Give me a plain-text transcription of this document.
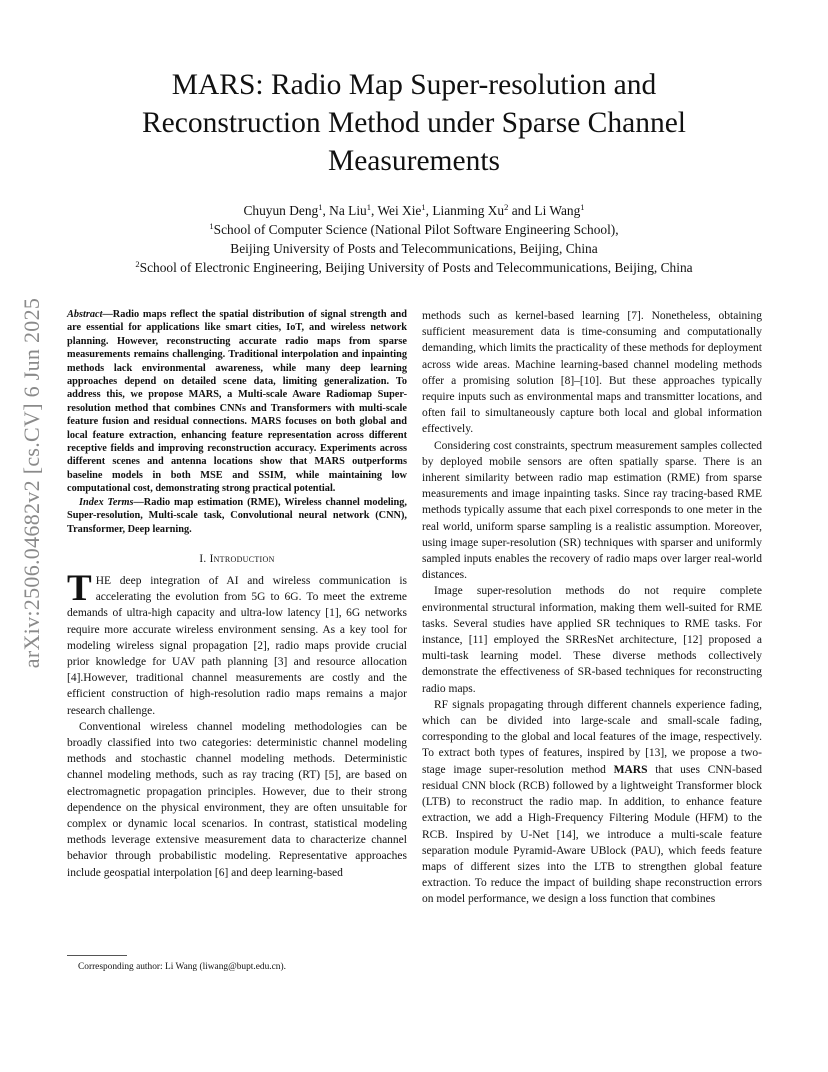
MARS: Radio Map Super-resolution and
Reconstruction Method under Sparse Channel
Measurements
Chuyun Deng$^1$, Na Liu$^1$, Wei Xie$^1$, Lianming Xu$^2$ and Li Wang$^1$
$^1$School of Computer Science (National Pilot Software Engineering School),
Beijing University of Posts and Telecommunications, Beijing, China
$^2$School of Electronic Engineering, Beijing University of Posts and Telecommunications, Beijing, China
arXiv:2506.04682v2 [cs.CV] 6 Jun 2025 Abstract—Radio maps reflect the spatial distribution of signal strength and are essential for applications like smart cities, IoT, and wireless network planning. However, reconstructing accurate radio maps from sparse measurements remains challenging. Traditional interpolation and inpainting methods lack environmental awareness, while many deep learning approaches depend on detailed scene data, limiting generalization. To address this, we propose MARS, a Multi-scale Aware Radiomap Super-resolution method that combines CNNs and Transformers with multi-scale feature fusion and residual connections. MARS focuses on both global and local feature extraction, enhancing feature representation across different receptive fields and improving reconstruction accuracy. Experiments across different scenes and antenna locations show that MARS outperforms baseline models in both MSE and SSIM, while maintaining low computational cost, demonstrating strong practical potential.

Index Terms—Radio map estimation (RME), Wireless channel modeling, Super-resolution, Multi-scale task, Convolutional neural network (CNN), Transformer, Deep learning.

I. Introduction

THE deep integration of AI and wireless communication is accelerating the evolution from 5G to 6G. To meet the extreme demands of ultra-high capacity and ultra-low latency [1], 6G networks require more accurate wireless environment sensing. As a key tool for modeling wireless signal propagation [2], radio maps provide crucial prior knowledge for UAV path planning [3] and resource allocation [4].However, traditional channel measurements are costly and the efficient construction of high-resolution radio maps remains a major research challenge.

Conventional wireless channel modeling methodologies can be broadly classified into two categories: deterministic channel modeling methods and stochastic channel modeling methods. Deterministic channel modeling methods, such as ray tracing (RT) [5], are based on electromagnetic propagation principles. However, due to their strong dependence on the physical environment, they are often unsuitable for complex or dynamic local scenarios. In contrast, statistical modeling methods leverage extensive measurement data to characterize channel behavior through probabilistic modeling. Representative approaches include geospatial interpolation [6] and deep learning-based

methods such as kernel-based learning [7]. Nonetheless, obtaining sufficient measurement data is time-consuming and computationally demanding, which limits the practicality of these methods for deployment across wide areas. Machine learning-based channel modeling methods offer a promising solution [8]–[10]. But these approaches typically require inputs such as environmental maps and transmitter locations, and often fail to simultaneously capture both local and global information effectively.

Considering cost constraints, spectrum measurement samples collected by deployed mobile sensors are often spatially sparse. There is an inherent similarity between radio map estimation (RME) from sparse measurements and image inpainting tasks. Since ray tracing-based RME methods typically assume that each pixel corresponds to one meter in the real world, uniform sparse sampling is a realistic assumption. Moreover, using image super-resolution (SR) techniques with sparser and uniformly sampled inputs enables the recovery of radio maps over larger real-world distances.

Image super-resolution methods do not require complete environmental structural information, making them well-suited for RME tasks. Several studies have applied SR techniques to RME tasks. For instance, [11] employed the SRResNet architecture, [12] proposed a multi-task learning model. These diverse methods collectively demonstrate the effectiveness of SR-based techniques for reconstructing radio maps.

RF signals propagating through different channels experience fading, which can be divided into large-scale and small-scale fading, corresponding to the global and local features of the image, respectively. To extract both types of features, inspired by [13], we propose a two-stage image super-resolution method MARS that uses CNN-based residual CNN block (RCB) followed by a lightweight Transformer block (LTB) to reconstruct the radio map. In addition, to enhance feature extraction, we add a High-Frequency Filtering Module (HFM) to the RCB. Inspired by U-Net [14], we introduce a multi-scale feature separation module Pyramid-Aware UBlock (PAU), which feeds feature maps of different sizes into the LTB to strengthen global feature extraction. To reduce the impact of building shape reconstruction errors on model performance, we design a loss function that combines

Corresponding author: Li Wang (liwang@bupt.edu.cn).
